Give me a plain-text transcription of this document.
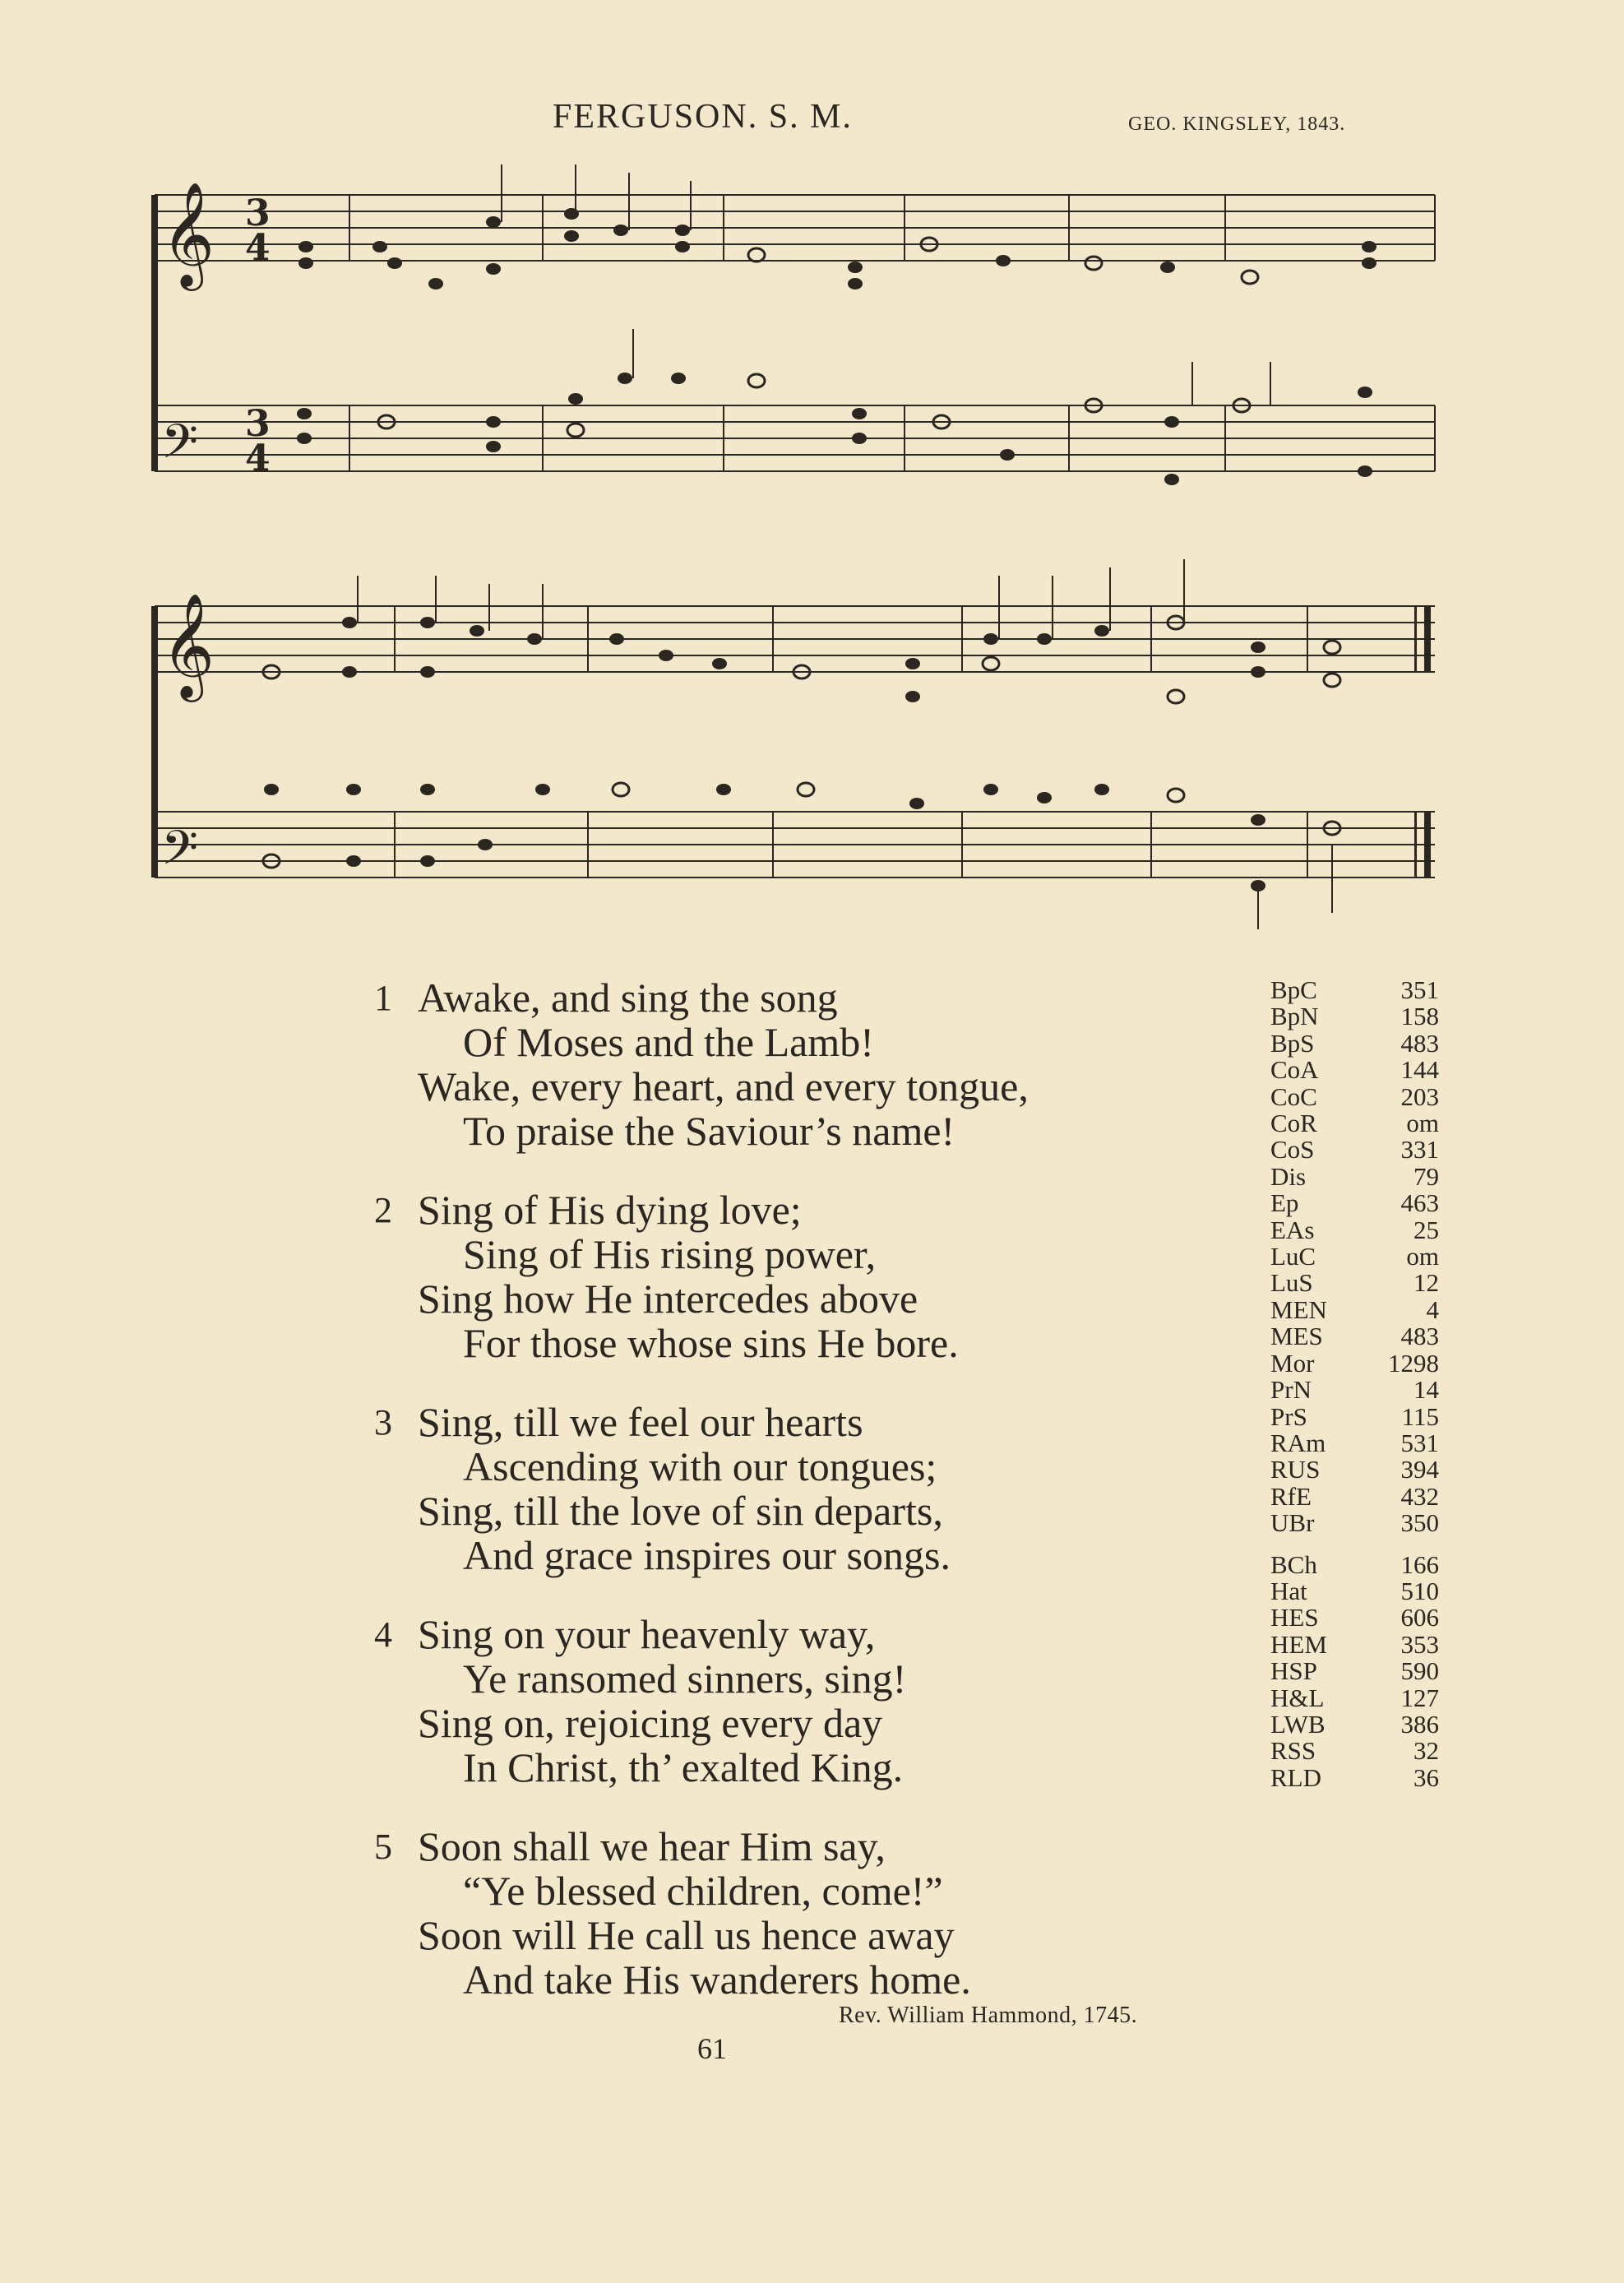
FERGUSON. S. M.	GEO. KINGSLEY, 1843.
𝄞
𝄢
𝄞
𝄢
3
4
3
4
1 Awake, and sing the song
Of Moses and the Lamb!
Wake, every heart, and every tongue,
To praise the Saviour’s name!
2 Sing of His dying love;
Sing of His rising power,
Sing how He intercedes above
For those whose sins He bore.
3 Sing, till we feel our hearts
Ascending with our tongues;
Sing, till the love of sin departs,
And grace inspires our songs.
4 Sing on your heavenly way,
Ye ransomed sinners, sing!
Sing on, rejoicing every day
In Christ, th’ exalted King.
5 Soon shall we hear Him say,
“Ye blessed children, come!”
Soon will He call us hence away
And take His wanderers home.
BpC	351
BpN	158
BpS	483
CoA	144
CoC	203
CoR	om
CoS	331
Dis	79
Ep	463
EAs	25
LuC	om
LuS	12
MEN	4
MES	483
Mor	1298
PrN	14
PrS	115
RAm	531
RUS	394
RfE	432
UBr	350
BCh	166
Hat	510
HES	606
HEM	353
HSP	590
H&L	127
LWB	386
RSS	32
RLD	36
Rev. William Hammond, 1745.
61
